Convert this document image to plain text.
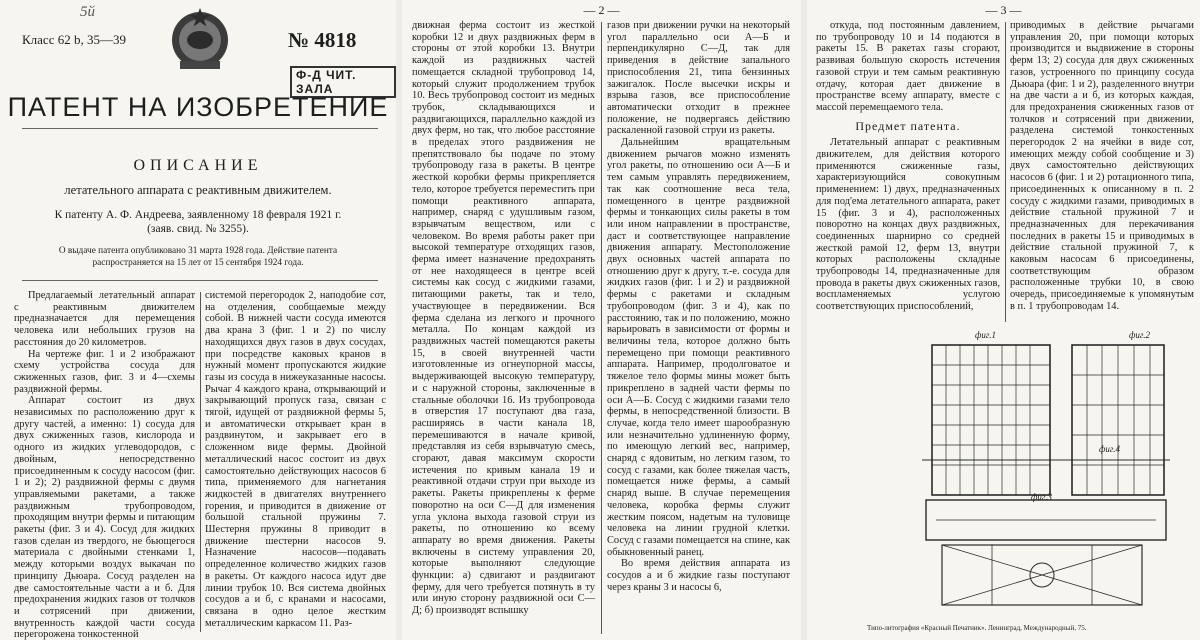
Класс 62 b, 35—39
5й
№ 4818
Ф-Д ЧИТ. ЗАЛА
ПАТЕНТ НА ИЗОБРЕТЕНИЕ
ОПИСАНИЕ
летательного аппарата с реактивным движителем.
К патенту А. Ф. Андреева, заявленному 18 февраля 1921 г.
(заяв. свид. № 3255).
О выдаче патента опубликовано 31 марта 1928 года. Действие патента
распространяется на 15 лет от 15 сентября 1924 года.

Предлагаемый летательный аппарат с реактивным движителем предназначается для перемещения человека или небольших грузов на расстояния до 20 километров.

На чертеже фиг. 1 и 2 изображают схему устройства сосуда для сжиженных газов, фиг. 3 и 4—схемы раздвижной фермы.

Аппарат состоит из двух независимых по расположению друг к другу частей, а именно: 1) сосуда для двух сжиженных газов, кислорода и одного из жидких углеводородов, с двойным, непосредственно присоединенным к сосуду насосом (фиг. 1 и 2); 2) раздвижной фермы с двумя управляемыми ракетами, а также раздвижным трубопроводом, проходящим внутри фермы и питающим ракеты (фиг. 3 и 4). Сосуд для жидких газов сделан из твердого, не бьющегося материала с двойными стенками 1, между которыми воздух выкачан по принципу Дьюара. Сосуд разделен на две самостоятельные части а и б. Для предохранения жидких газов от толчков и сотрясений при движении, внутренность каждой части сосуда перегорожена тонкостенной

системой перегородок 2, наподобие сот, на отделения, сообщаемые между собой. В нижней части сосуда имеются два крана 3 (фиг. 1 и 2) по числу находящихся двух газов в двух сосудах, при посредстве каковых кранов в нужный момент пропускаются жидкие газы из сосуда в нижеуказанные насосы. Рычаг 4 каждого крана, открывающий и закрывающий пропуск газа, связан с тягой, идущей от раздвижной фермы 5, и автоматически открывает кран в раздвинутом, и закрывает его в сложенном виде фермы. Двойной металлический насос состоит из двух самостоятельно действующих насосов 6 типа, применяемого для нагнетания жидкостей в двигателях внутреннего горения, и приводится в движение от большой стальной пружины 7. Шестерня пружины 8 приводит в движение шестерни насосов 9. Назначение насосов—подавать определенное количество жидких газов в ракеты. От каждого насоса идут две линии трубок 10. Вся система двойных сосудов а и б, с кранами и насосами, связана в одно целое жестким металлическим каркасом 11. Раз-

— 2 —

движная ферма состоит из жесткой коробки 12 и двух раздвижных ферм в стороны от этой коробки 13. Внутри каждой из раздвижных частей помещается складной трубопровод 14, который служит продолжением трубок 10. Весь трубопровод состоит из медных трубок, складывающихся и раздвигающихся, параллельно каждой из двух ферм, но так, что любое расстояние в пределах этого раздвижения не препятствовало бы подаче по этому трубопроводу газа в ракеты. В центре жесткой коробки фермы прикрепляется тело, которое требуется переместить при помощи реактивного аппарата, например, снаряд с удушливым газом, взрывчатым веществом, или с человеком. Во время работы ракет при высокой температуре отходящих газов, ферма имеет назначение предохранять от нее находящееся в центре всей системы как сосуд с жидкими газами, питающими ракеты, так и тело, участвующее в передвижении. Вся ферма сделана из легкого и прочного металла. По концам каждой из раздвижных частей помещаются ракеты 15, в своей внутренней части изготовленные из огнеупорной массы, выдерживающей высокую температуру, и с наружной стороны, заключенные в стальные оболочки 16. Из трубопровода в отверстия 17 поступают два газа, расширяясь в части канала 18, перемешиваются в начале кривой, представляя из себя взрывчатую смесь, сгорают, давая максимум скорости истечения по кривым канала 19 и реактивной отдачи струи при выходе из ракеты. Ракеты прикреплены к ферме поворотно на оси С—Д для изменения угла уклона выхода газовой струи из ракеты, по отношению ко всему аппарату во время движения. Ракеты включены в систему управления 20, которые выполняют следующие функции: а) сдвигают и раздвигают ферму, для чего требуется потянуть в ту или иную сторону раздвижной оси С—Д; б) производят вспышку

газов при движении ручки на некоторый угол параллельно оси А—Б и перпендикулярно С—Д, так для приведения в действие запального приспособления 21, типа бензинных зажигалок. После высечки искры и взрыва газов, все приспособление автоматически отходит в прежнее положение, не подвергаясь действию раскаленной газовой струи из ракеты.

Дальнейшим вращательным движением рычагов можно изменять угол ракеты, по отношению оси А—Б и тем самым управлять передвижением, так как соотношение веса тела, помещенного в центре раздвижной фермы и тонкающих силы ракеты в том или ином направлении в пространстве, даст и соответствующее направление движения аппарату. Местоположение двух основных частей аппарата по отношению друг к другу, т.-е. сосуда для жидких газов (фиг. 1 и 2) и раздвижной фермы с ракетами и складным трубопроводом (фиг. 3 и 4), как по расстоянию, так и по положению, можно варьировать в зависимости от формы и величины тела, которое должно быть перемещено при помощи реактивного аппарата. Например, продолговатое и тяжелое тело формы мины может быть прикреплено в задней части фермы по оси А—Б. Сосуд с жидкими газами тело фермы, в непосредственной близости. В случае, когда тело имеет шарообразную или незначительно удлиненную форму, по имеющую легкий вес, например, снаряд с ядовитым, но легким газом, то сосуд с газами, как более тяжелая часть, помещается ниже фермы, а самый снаряд выше. В случае перемещения человека, коробка фермы служит жестким поясом, надетым на туловище человека на линии грудной клетки. Сосуд с газами помещается на спине, как обыкновенный ранец.

Во время действия аппарата из сосудов а и б жидкие газы поступают через краны 3 и насосы 6,

— 3 —

откуда, под постоянным давлением, по трубопроводу 10 и 14 подаются в ракеты 15. В ракетах газы сгорают, развивая большую скорость истечения газовой струи и тем самым реактивную отдачу, которая дает движение в пространстве всему аппарату, вместе с массой перемещаемого тела.

Предмет патента.

Летательный аппарат с реактивным движителем, для действия которого применяются сжиженные газы, характеризующийся совокупным применением: 1) двух, предназначенных для под'ема летательного аппарата, ракет 15 (фиг. 3 и 4), расположенных поворотно на концах двух раздвижных, соединенных шарнирно со средней жесткой рамой 12, ферм 13, внутри которых расположены складные трубопроводы 14, предназначенные для провода в ракеты двух сжиженных газов, воспламеняемых услугою соответствующих приспособлений,

приводимых в действие рычагами управления 20, при помощи которых производится и выдвижение в стороны ферм 13; 2) сосуда для двух сжиженных газов, устроенного по принципу сосуда Дьюара (фиг. 1 и 2), разделенного внутри на две части а и б, из которых каждая, для предохранения сжиженных газов от толчков и сотрясений при движении, разделена системой тонкостенных перегородок 2 на ячейки в виде сот, имеющих между собой сообщение и 3) двух самостоятельно действующих насосов 6 (фиг. 1 и 2) ротационного типа, присоединенных к описанному в п. 2 сосуду с жидкими газами, приводимых в действие стальной пружиной 7 и предназначенных для перекачивания последних в ракеты 15 и приводимых в действие стальной пружиной 7, к каковым насосам 6 присоединены, соответствующим образом расположенные трубки 10, в свою очередь, присоединяемые к упомянутым в п. 1 трубопроводам 14.

фиг.1	фиг.2
фиг.3
фиг.4
Типо-литография «Красный Печатник». Ленинград, Международный, 75.
